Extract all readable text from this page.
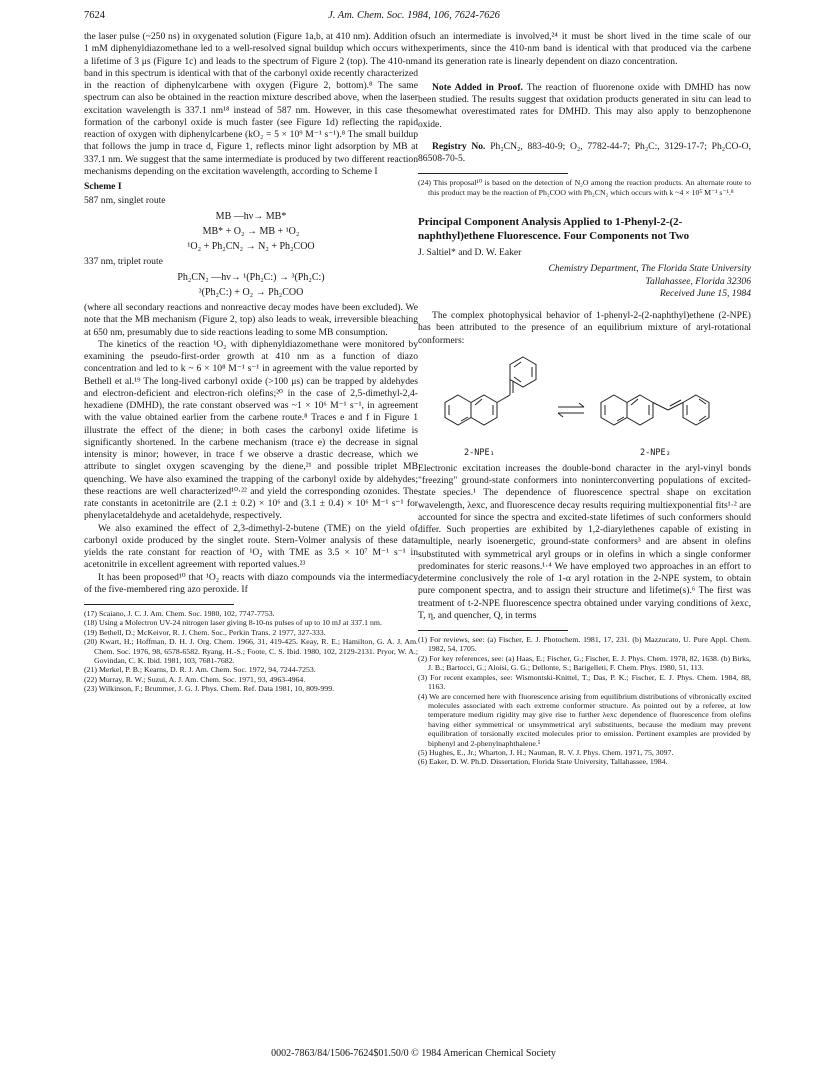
7624	J. Am. Chem. Soc. 1984, 106, 7624-7626

the laser pulse (~250 ns) in oxygenated solution (Figure 1a,b, at 410 nm). Addition of 1 mM diphenyldiazomethane led to a well-resolved signal buildup which occurs with a lifetime of 3 μs (Figure 1c) and leads to the spectrum of Figure 2 (top). The 410-nm band in this spectrum is identical with that of the carbonyl oxide recently characterized in the reaction of diphenylcarbene with oxygen (Figure 2, bottom).⁸ The same spectrum can also be obtained in the reaction mixture described above, when the laser excitation wavelength is 337.1 nm¹⁸ instead of 587 nm. However, in this case the formation of the carbonyl oxide is much faster (see Figure 1d) reflecting the rapid reaction of oxygen with diphenylcarbene (kO₂ = 5 × 10⁹ M⁻¹ s⁻¹).⁸ The small buildup that follows the jump in trace d, Figure 1, reflects minor light adsorption by MB at 337.1 nm. We suggest that the same intermediate is produced by two different reaction mechanisms depending on the excitation wavelength, according to Scheme I

Scheme I

587 nm, singlet route

MB —hν→ MB*

MB* + O₂ → MB + ¹O₂

¹O₂ + Ph₂CN₂ → N₂ + Ph₂COO

337 nm, triplet route

Ph₂CN₂ —hν→ ¹(Ph₂C:) → ³(Ph₂C:)

³(Ph₂C:) + O₂ → Ph₂COO

(where all secondary reactions and nonreactive decay modes have been excluded). We note that the MB mechanism (Figure 2, top) also leads to weak, irreversible bleaching at 650 nm, presumably due to side reactions leading to some MB consumption.

The kinetics of the reaction ¹O₂ with diphenyldiazomethane were monitored by examining the pseudo-first-order growth at 410 nm as a function of diazo concentration and led to k ~ 6 × 10⁸ M⁻¹ s⁻¹ in agreement with the value reported by Bethell et al.¹⁹ The long-lived carbonyl oxide (>100 μs) can be trapped by aldehydes and electron-deficient and electron-rich olefins;²⁰ in the case of 2,5-dimethyl-2,4-hexadiene (DMHD), the rate constant observed was ~1 × 10⁶ M⁻¹ s⁻¹, in agreement with the value obtained earlier from the carbene route.⁸ Traces e and f in Figure 1 illustrate the effect of the diene; in both cases the carbonyl oxide lifetime is significantly shortened. In the carbene mechanism (trace e) the decrease in signal intensity is minor; however, in trace f we observe a drastic decrease, which we attribute to singlet oxygen scavenging by the diene,²¹ and possible triplet MB quenching. We have also examined the trapping of the carbonyl oxide by aldehydes; these reactions are well characterized¹⁰·²² and yield the corresponding ozonides. The rate constants in acetonitrile are (2.1 ± 0.2) × 10⁶ and (3.1 ± 0.4) × 10⁶ M⁻¹ s⁻¹ for phenylacetaldehyde and acetaldehyde, respectively.

We also examined the effect of 2,3-dimethyl-2-butene (TME) on the yield of carbonyl oxide produced by the singlet route. Stern-Volmer analysis of these data yields the rate constant for reaction of ¹O₂ with TME as 3.5 × 10⁷ M⁻¹ s⁻¹ in acetonitrile in excellent agreement with reported values.²³

It has been proposed¹⁰ that ¹O₂ reacts with diazo compounds via the intermediacy of the five-membered ring azo peroxide. If

(17) Scaiano, J. C. J. Am. Chem. Soc. 1980, 102, 7747-7753.

(18) Using a Molectron UV-24 nitrogen laser giving 8-10-ns pulses of up to 10 mJ at 337.1 nm.

(19) Bethell, D.; McKeivor, R. J. Chem. Soc., Perkin Trans. 2 1977, 327-333.

(20) Kwart, H.; Hoffman, D. H. J. Org. Chem. 1966, 31, 419-425. Keay, R. E.; Hamilton, G. A. J. Am. Chem. Soc. 1976, 98, 6578-6582. Ryang, H.-S.; Foote, C. S. Ibid. 1980, 102, 2129-2131. Pryor, W. A.; Govindan, C. K. Ibid. 1981, 103, 7681-7682.

(21) Merkel, P. B.; Kearns, D. R. J. Am. Chem. Soc. 1972, 94, 7244-7253.

(22) Murray, R. W.; Suzui, A. J. Am. Chem. Soc. 1971, 93, 4963-4964.

(23) Wilkinson, F.; Brummer, J. G. J. Phys. Chem. Ref. Data 1981, 10, 809-999.

such an intermediate is involved,²⁴ it must be short lived in the time scale of our experiments, since the 410-nm band is identical with that produced via the carbene and its generation rate is linearly dependent on diazo concentration.

Note Added in Proof. The reaction of fluorenone oxide with DMHD has now been studied. The results suggest that oxidation products generated in situ can lead to somewhat overestimated rates for DMHD. This may also apply to benzophenone oxide.

Registry No. Ph₂CN₂, 883-40-9; O₂, 7782-44-7; Ph₂C:, 3129-17-7; Ph₂CO-O, 86508-70-5.

(24) This proposal¹⁰ is based on the detection of N₂O among the reaction products. An alternate route to this product may be the reaction of Ph₂COO with Ph₂CN₂ which occurs with k ~4 × 10⁵ M⁻¹ s⁻¹.⁸

Principal Component Analysis Applied to 1-Phenyl-2-(2-naphthyl)ethene Fluorescence. Four Components not Two

J. Saltiel* and D. W. Eaker

Chemistry Department, The Florida State University

Tallahassee, Florida 32306

Received June 15, 1984

The complex photophysical behavior of 1-phenyl-2-(2-naphthyl)ethene (2-NPE) has been attributed to the presence of an equilibrium mixture of aryl-rotational conformers:

2-NPE₁	2-NPE₂

Electronic excitation increases the double-bond character in the aryl-vinyl bonds "freezing" ground-state conformers into noninterconverting populations of excited-state species.¹ The dependence of fluorescence spectral shape on excitation wavelength, λexc, and fluorescence decay results requiring multiexponential fits¹·² are accounted for since the spectra and excited-state lifetimes of such conformers should differ. Such properties are exhibited by 1,2-diarylethenes capable of existing in multiple, nearly isoenergetic, ground-state conformers³ and are absent in olefins substituted with symmetrical aryl groups or in olefins in which a single conformer predominates for steric reasons.¹·⁴ We have employed two approaches in an effort to determine conclusively the role of 1-α aryl rotation in the 2-NPE system, to obtain pure component spectra, and to assign their structure and lifetime(s).⁶ The first was treatment of t-2-NPE fluorescence spectra obtained under varying conditions of λexc, T, η, and quencher, Q, in terms

(1) For reviews, see: (a) Fischer, E. J. Photochem. 1981, 17, 231. (b) Mazzucato, U. Pure Appl. Chem. 1982, 54, 1705.

(2) For key references, see: (a) Haas, E.; Fischer, G.; Fischer, E. J. Phys. Chem. 1978, 82, 1638. (b) Birks, J. B.; Bartocci, G.; Aloisi, G. G.; Dellonte, S.; Barigelleti, F. Chem. Phys. 1980, 51, 113.

(3) For recent examples, see: Wismontski-Knittel, T.; Das, P. K.; Fischer, E. J. Phys. Chem. 1984, 88, 1163.

(4) We are concerned here with fluorescence arising from equilibrium distributions of vibronically excited molecules associated with each extreme conformer structure. As pointed out by a referee, at low temperature medium rigidity may give rise to further λexc dependence of fluorescence from olefins having either symmetrical or unsymmetrical aryl substituents, because the medium may prevent equilibration of torsionally excited molecules prior to emission. Pertinent examples are provided by biphenyl and 2-phenylnaphthalene.⁵

(5) Hughes, E., Jr.; Wharton, J. H.; Nauman, R. V. J. Phys. Chem. 1971, 75, 3097.

(6) Eaker, D. W. Ph.D. Dissertation, Florida State University, Tallahassee, 1984.

0002-7863/84/1506-7624$01.50/0 © 1984 American Chemical Society
